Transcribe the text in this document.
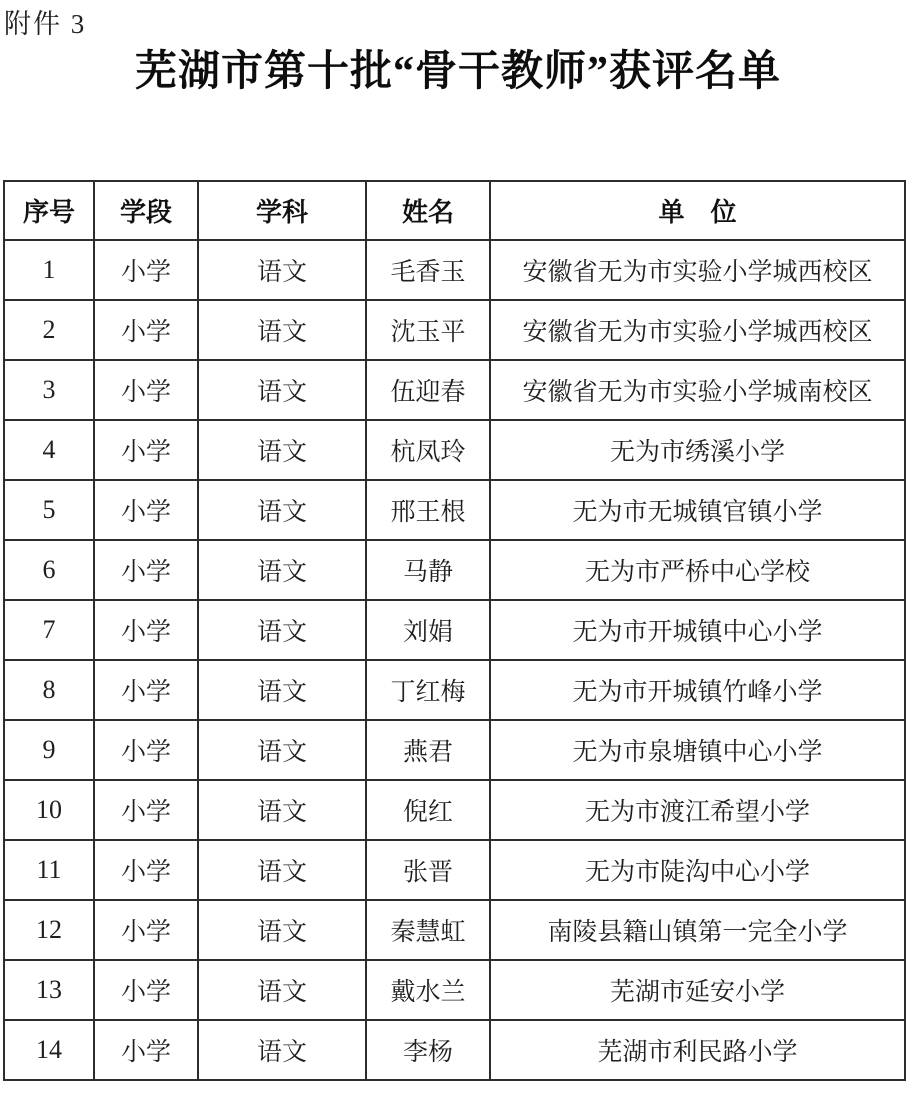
附件 3
芜湖市第十批“骨干教师”获评名单
序号	学段	学科	姓名	单　位
1	小学	语文	毛香玉	安徽省无为市实验小学城西校区
2	小学	语文	沈玉平	安徽省无为市实验小学城西校区
3	小学	语文	伍迎春	安徽省无为市实验小学城南校区
4	小学	语文	杭凤玲	无为市绣溪小学
5	小学	语文	邢王根	无为市无城镇官镇小学
6	小学	语文	马静	无为市严桥中心学校
7	小学	语文	刘娟	无为市开城镇中心小学
8	小学	语文	丁红梅	无为市开城镇竹峰小学
9	小学	语文	燕君	无为市泉塘镇中心小学
10	小学	语文	倪红	无为市渡江希望小学
11	小学	语文	张晋	无为市陡沟中心小学
12	小学	语文	秦慧虹	南陵县籍山镇第一完全小学
13	小学	语文	戴水兰	芜湖市延安小学
14	小学	语文	李杨	芜湖市利民路小学
